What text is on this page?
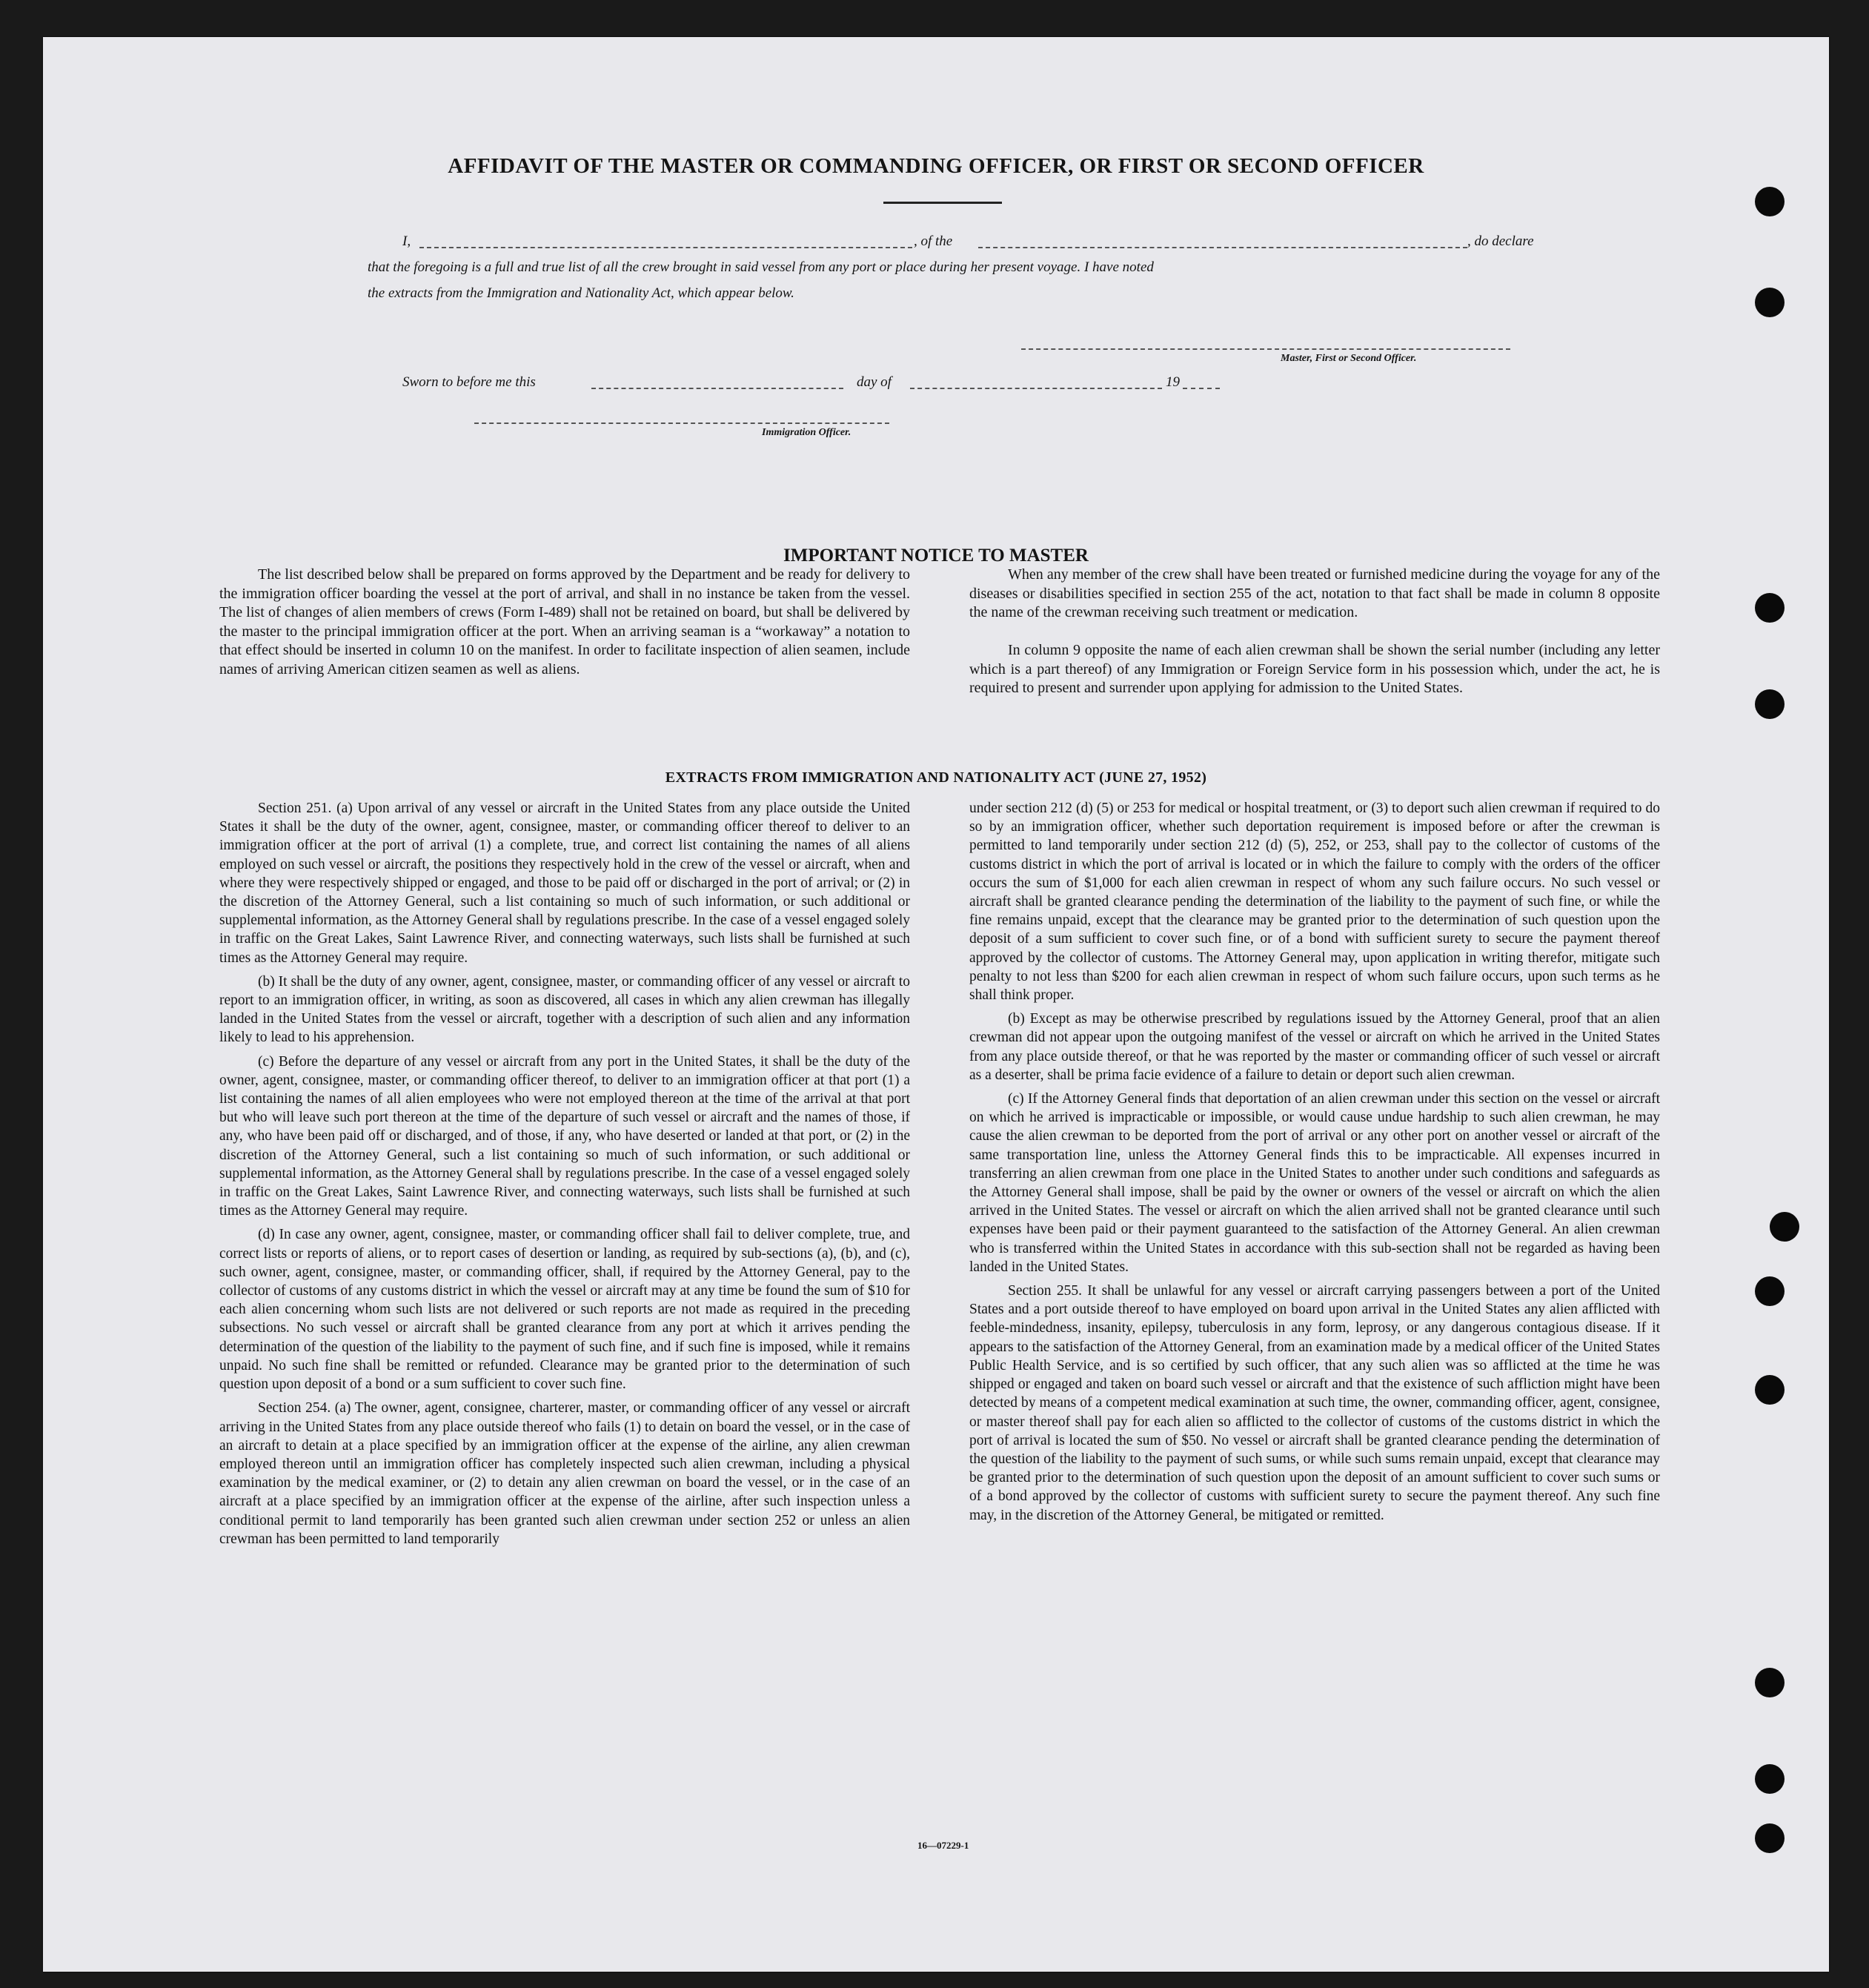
AFFIDAVIT OF THE MASTER OR COMMANDING OFFICER, OR FIRST OR SECOND OFFICER
I,	, of the	, do declare
that the foregoing is a full and true list of all the crew brought in said vessel from any port or place during her present voyage. I have noted
the extracts from the Immigration and Nationality Act, which appear below.
Master, First or Second Officer.
Sworn to before me this	day of	19
Immigration Officer.
IMPORTANT NOTICE TO MASTER

The list described below shall be prepared on forms approved by the Department and be ready for delivery to the immigration officer boarding the vessel at the port of arrival, and shall in no instance be taken from the vessel. The list of changes of alien members of crews (Form I-489) shall not be retained on board, but shall be delivered by the master to the principal immigration officer at the port. When an arriving seaman is a “workaway” a notation to that effect should be inserted in column 10 on the manifest. In order to facilitate inspection of alien seamen, include names of arriving American citizen seamen as well as aliens.

When any member of the crew shall have been treated or furnished medicine during the voyage for any of the diseases or disabilities specified in section 255 of the act, notation to that fact shall be made in column 8 opposite the name of the crewman receiving such treatment or medication.

In column 9 opposite the name of each alien crewman shall be shown the serial number (including any letter which is a part thereof) of any Immigration or Foreign Service form in his possession which, under the act, he is required to present and surrender upon applying for admission to the United States.

EXTRACTS FROM IMMIGRATION AND NATIONALITY ACT (JUNE 27, 1952)

Section 251. (a) Upon arrival of any vessel or aircraft in the United States from any place outside the United States it shall be the duty of the owner, agent, consignee, master, or commanding officer thereof to deliver to an immigration officer at the port of arrival (1) a complete, true, and correct list containing the names of all aliens employed on such vessel or aircraft, the positions they respectively hold in the crew of the vessel or aircraft, when and where they were respectively shipped or engaged, and those to be paid off or discharged in the port of arrival; or (2) in the discretion of the Attorney General, such a list containing so much of such information, or such additional or supplemental information, as the Attorney General shall by regulations prescribe. In the case of a vessel engaged solely in traffic on the Great Lakes, Saint Lawrence River, and connecting waterways, such lists shall be furnished at such times as the Attorney General may require.

(b) It shall be the duty of any owner, agent, consignee, master, or commanding officer of any vessel or aircraft to report to an immigration officer, in writing, as soon as discovered, all cases in which any alien crewman has illegally landed in the United States from the vessel or aircraft, together with a description of such alien and any information likely to lead to his apprehension.

(c) Before the departure of any vessel or aircraft from any port in the United States, it shall be the duty of the owner, agent, consignee, master, or commanding officer thereof, to deliver to an immigration officer at that port (1) a list containing the names of all alien employees who were not employed thereon at the time of the arrival at that port but who will leave such port thereon at the time of the departure of such vessel or aircraft and the names of those, if any, who have been paid off or discharged, and of those, if any, who have deserted or landed at that port, or (2) in the discretion of the Attorney General, such a list containing so much of such information, or such additional or supplemental information, as the Attorney General shall by regulations prescribe. In the case of a vessel engaged solely in traffic on the Great Lakes, Saint Lawrence River, and connecting waterways, such lists shall be furnished at such times as the Attorney General may require.

(d) In case any owner, agent, consignee, master, or commanding officer shall fail to deliver complete, true, and correct lists or reports of aliens, or to report cases of desertion or landing, as required by sub-sections (a), (b), and (c), such owner, agent, consignee, master, or commanding officer, shall, if required by the Attorney General, pay to the collector of customs of any customs district in which the vessel or aircraft may at any time be found the sum of $10 for each alien concerning whom such lists are not delivered or such reports are not made as required in the preceding subsections. No such vessel or aircraft shall be granted clearance from any port at which it arrives pending the determination of the question of the liability to the payment of such fine, and if such fine is imposed, while it remains unpaid. No such fine shall be remitted or refunded. Clearance may be granted prior to the determination of such question upon deposit of a bond or a sum sufficient to cover such fine.

Section 254. (a) The owner, agent, consignee, charterer, master, or commanding officer of any vessel or aircraft arriving in the United States from any place outside thereof who fails (1) to detain on board the vessel, or in the case of an aircraft to detain at a place specified by an immigration officer at the expense of the airline, any alien crewman employed thereon until an immigration officer has completely inspected such alien crewman, including a physical examination by the medical examiner, or (2) to detain any alien crewman on board the vessel, or in the case of an aircraft at a place specified by an immigration officer at the expense of the airline, after such inspection unless a conditional permit to land temporarily has been granted such alien crewman under section 252 or unless an alien crewman has been permitted to land temporarily

under section 212 (d) (5) or 253 for medical or hospital treatment, or (3) to deport such alien crewman if required to do so by an immigration officer, whether such deportation requirement is imposed before or after the crewman is permitted to land temporarily under section 212 (d) (5), 252, or 253, shall pay to the collector of customs of the customs district in which the port of arrival is located or in which the failure to comply with the orders of the officer occurs the sum of $1,000 for each alien crewman in respect of whom any such failure occurs. No such vessel or aircraft shall be granted clearance pending the determination of the liability to the payment of such fine, or while the fine remains unpaid, except that the clearance may be granted prior to the determination of such question upon the deposit of a sum sufficient to cover such fine, or of a bond with sufficient surety to secure the payment thereof approved by the collector of customs. The Attorney General may, upon application in writing therefor, mitigate such penalty to not less than $200 for each alien crewman in respect of whom such failure occurs, upon such terms as he shall think proper.

(b) Except as may be otherwise prescribed by regulations issued by the Attorney General, proof that an alien crewman did not appear upon the outgoing manifest of the vessel or aircraft on which he arrived in the United States from any place outside thereof, or that he was reported by the master or commanding officer of such vessel or aircraft as a deserter, shall be prima facie evidence of a failure to detain or deport such alien crewman.

(c) If the Attorney General finds that deportation of an alien crewman under this section on the vessel or aircraft on which he arrived is impracticable or impossible, or would cause undue hardship to such alien crewman, he may cause the alien crewman to be deported from the port of arrival or any other port on another vessel or aircraft of the same transportation line, unless the Attorney General finds this to be impracticable. All expenses incurred in transferring an alien crewman from one place in the United States to another under such conditions and safeguards as the Attorney General shall impose, shall be paid by the owner or owners of the vessel or aircraft on which the alien arrived in the United States. The vessel or aircraft on which the alien arrived shall not be granted clearance until such expenses have been paid or their payment guaranteed to the satisfaction of the Attorney General. An alien crewman who is transferred within the United States in accordance with this sub-section shall not be regarded as having been landed in the United States.

Section 255. It shall be unlawful for any vessel or aircraft carrying passengers between a port of the United States and a port outside thereof to have employed on board upon arrival in the United States any alien afflicted with feeble-mindedness, insanity, epilepsy, tuberculosis in any form, leprosy, or any dangerous contagious disease. If it appears to the satisfaction of the Attorney General, from an examination made by a medical officer of the United States Public Health Service, and is so certified by such officer, that any such alien was so afflicted at the time he was shipped or engaged and taken on board such vessel or aircraft and that the existence of such affliction might have been detected by means of a competent medical examination at such time, the owner, commanding officer, agent, consignee, or master thereof shall pay for each alien so afflicted to the collector of customs of the customs district in which the port of arrival is located the sum of $50. No vessel or aircraft shall be granted clearance pending the determination of the question of the liability to the payment of such sums, or while such sums remain unpaid, except that clearance may be granted prior to the determination of such question upon the deposit of an amount sufficient to cover such sums or of a bond approved by the collector of customs with sufficient surety to secure the payment thereof. Any such fine may, in the discretion of the Attorney General, be mitigated or remitted.

16—07229-1
